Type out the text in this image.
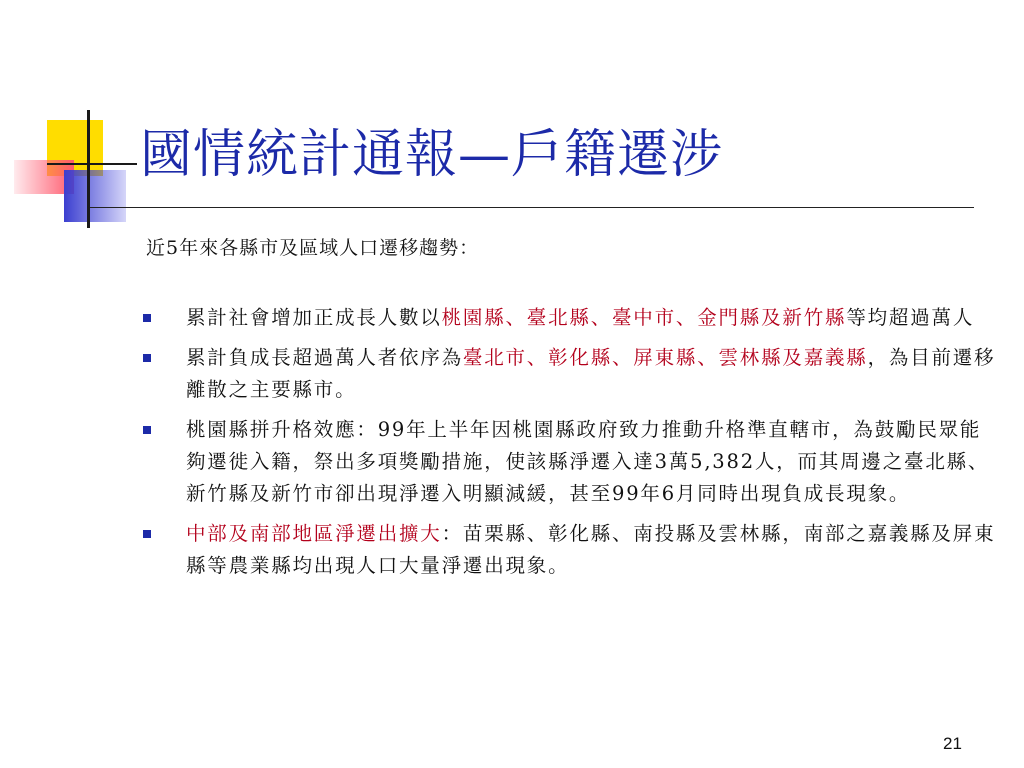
國情統計通報—戶籍遷涉

近5年來各縣市及區域人口遷移趨勢：

累計社會增加正成長人數以桃園縣、臺北縣、臺中市、金門縣及新竹縣等均超過萬人
累計負成長超過萬人者依序為臺北市、彰化縣、屏東縣、雲林縣及嘉義縣，為目前遷移離散之主要縣市。
桃園縣拼升格效應：99年上半年因桃園縣政府致力推動升格準直轄市，為鼓勵民眾能夠遷徙入籍，祭出多項獎勵措施，使該縣淨遷入達3萬5,382人，而其周邊之臺北縣、新竹縣及新竹市卻出現淨遷入明顯減緩，甚至99年6月同時出現負成長現象。
中部及南部地區淨遷出擴大：苗栗縣、彰化縣、南投縣及雲林縣，南部之嘉義縣及屏東縣等農業縣均出現人口大量淨遷出現象。
21
